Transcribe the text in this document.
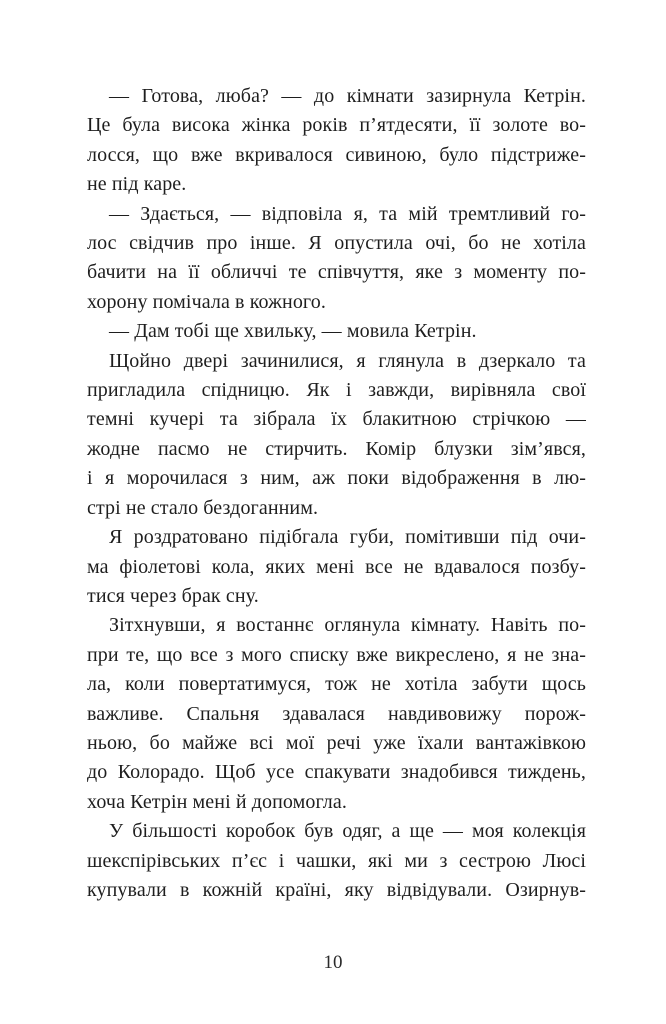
— Готова, люба? — до кімнати зазирнула Кетрін.
Це була висока жінка років п’ятдесяти, її золоте во-
лосся, що вже вкривалося сивиною, було підстриже-
не під каре.
— Здається, — відповіла я, та мій тремтливий го-
лос свідчив про інше. Я опустила очі, бо не хотіла
бачити на її обличчі те співчуття, яке з моменту по-
хорону помічала в кожного.
— Дам тобі ще хвильку, — мовила Кетрін.
Щойно двері зачинилися, я глянула в дзеркало та
пригладила спідницю. Як і завжди, вирівняла свої
темні кучері та зібрала їх блакитною стрічкою —
жодне пасмо не стирчить. Комір блузки зім’явся,
і я морочилася з ним, аж поки відображення в лю-
стрі не стало бездоганним.
Я роздратовано підібгала губи, помітивши під очи-
ма фіолетові кола, яких мені все не вдавалося позбу-
тися через брак сну.
Зітхнувши, я востаннє оглянула кімнату. Навіть по-
при те, що все з мого списку вже викреслено, я не зна-
ла, коли повертатимуся, тож не хотіла забути щось
важливе. Спальня здавалася навдивовижу порож-
ньою, бо майже всі мої речі уже їхали вантажівкою
до Колорадо. Щоб усе спакувати знадобився тиждень,
хоча Кетрін мені й допомогла.
У більшості коробок був одяг, а ще — моя колекція
шекспірівських п’єс і чашки, які ми з сестрою Люсі
купували в кожній країні, яку відвідували. Озирнув-
10
